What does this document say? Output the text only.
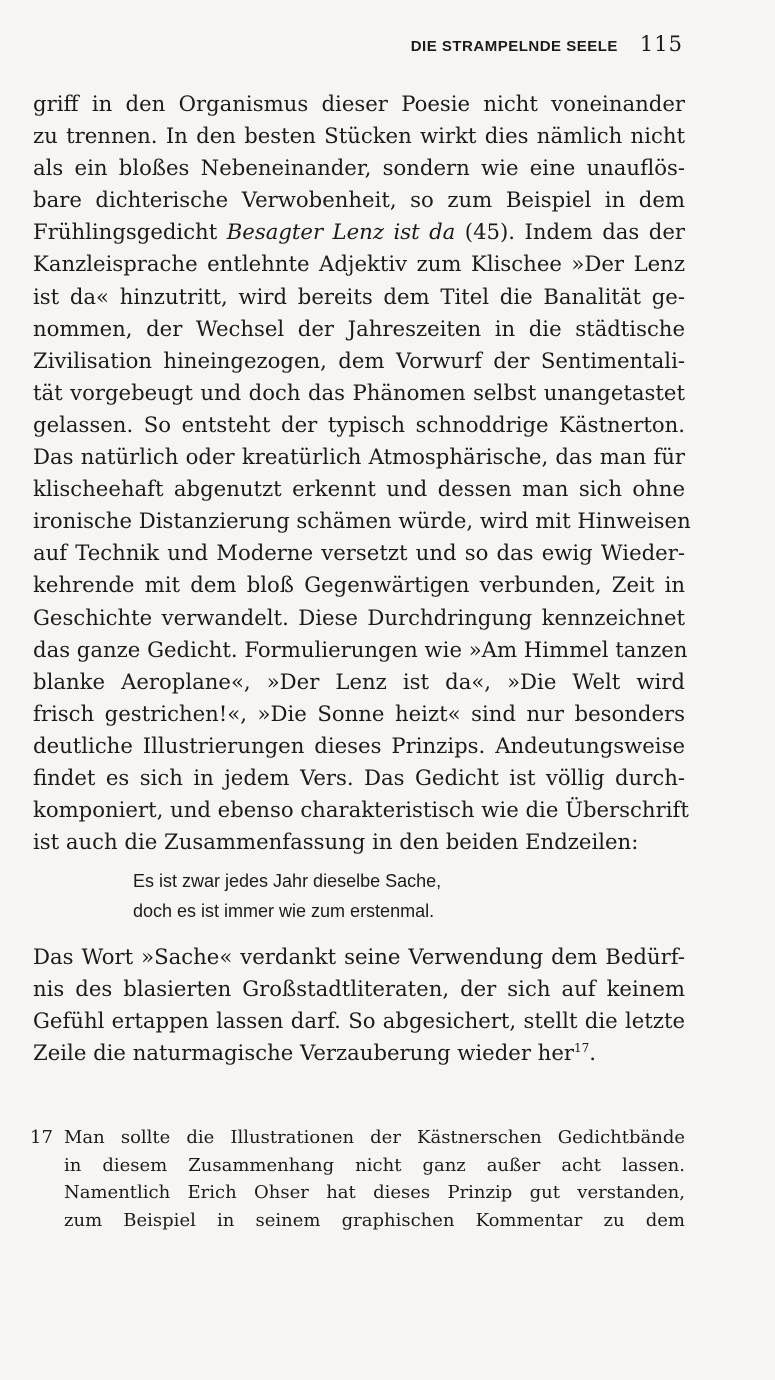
DIE STRAMPELNDE SEELE 115
griff in den Organismus dieser Poesie nicht voneinander
zu trennen. In den besten Stücken wirkt dies nämlich nicht
als ein bloßes Nebeneinander, sondern wie eine unauflös-
bare dichterische Verwobenheit, so zum Beispiel in dem
Frühlingsgedicht Besagter Lenz ist da (45). Indem das der
Kanzleisprache entlehnte Adjektiv zum Klischee »Der Lenz
ist da« hinzutritt, wird bereits dem Titel die Banalität ge-
nommen, der Wechsel der Jahreszeiten in die städtische
Zivilisation hineingezogen, dem Vorwurf der Sentimentali-
tät vorgebeugt und doch das Phänomen selbst unangetastet
gelassen. So entsteht der typisch schnoddrige Kästnerton.
Das natürlich oder kreatürlich Atmosphärische, das man für
klischeehaft abgenutzt erkennt und dessen man sich ohne
ironische Distanzierung schämen würde, wird mit Hinweisen
auf Technik und Moderne versetzt und so das ewig Wieder-
kehrende mit dem bloß Gegenwärtigen verbunden, Zeit in
Geschichte verwandelt. Diese Durchdringung kennzeichnet
das ganze Gedicht. Formulierungen wie »Am Himmel tanzen
blanke Aeroplane«, »Der Lenz ist da«, »Die Welt wird
frisch gestrichen!«, »Die Sonne heizt« sind nur besonders
deutliche Illustrierungen dieses Prinzips. Andeutungsweise
findet es sich in jedem Vers. Das Gedicht ist völlig durch-
komponiert, und ebenso charakteristisch wie die Überschrift
ist auch die Zusammenfassung in den beiden Endzeilen:
Es ist zwar jedes Jahr dieselbe Sache,
doch es ist immer wie zum erstenmal.
Das Wort »Sache« verdankt seine Verwendung dem Bedürf-
nis des blasierten Großstadtliteraten, der sich auf keinem
Gefühl ertappen lassen darf. So abgesichert, stellt die letzte
Zeile die naturmagische Verzauberung wieder her$^{17}$.
17 Man sollte die Illustrationen der Kästnerschen Gedichtbände
in diesem Zusammenhang nicht ganz außer acht lassen.
Namentlich Erich Ohser hat dieses Prinzip gut verstanden,
zum Beispiel in seinem graphischen Kommentar zu dem
